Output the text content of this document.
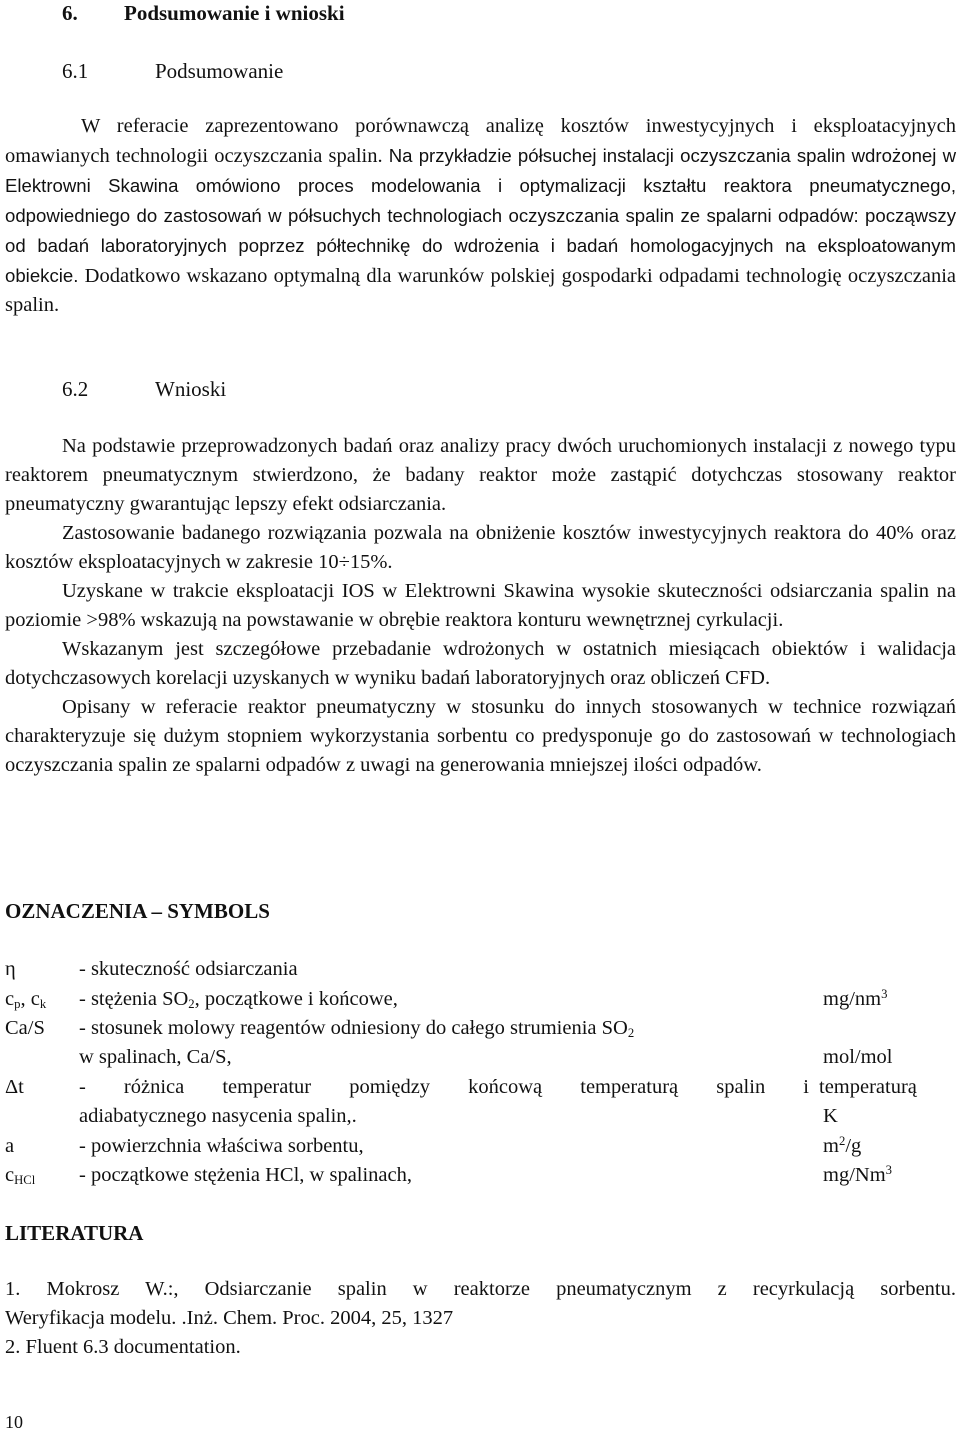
6. Podsumowanie i wnioski
6.1	Podsumowanie

W referacie zaprezentowano porównawczą analizę kosztów inwestycyjnych i eksploatacyjnych omawianych technologii oczyszczania spalin. Na przykładzie półsuchej instalacji oczyszczania spalin wdrożonej w Elektrowni Skawina omówiono proces modelowania i optymalizacji kształtu reaktora pneumatycznego, odpowiedniego do zastosowań w półsuchych technologiach oczyszczania spalin ze spalarni odpadów: począwszy od badań laboratoryjnych poprzez półtechnikę do wdrożenia i badań homologacyjnych na eksploatowanym obiekcie. Dodatkowo wskazano optymalną dla warunków polskiej gospodarki odpadami technologię oczyszczania spalin.

6.2	Wnioski

Na podstawie przeprowadzonych badań oraz analizy pracy dwóch uruchomionych instalacji z nowego typu reaktorem pneumatycznym stwierdzono, że badany reaktor może zastąpić dotychczas stosowany reaktor pneumatyczny gwarantując lepszy efekt odsiarczania.

Zastosowanie badanego rozwiązania pozwala na obniżenie kosztów inwestycyjnych reaktora do 40% oraz kosztów eksploatacyjnych w zakresie 10÷15%.

Uzyskane w trakcie eksploatacji IOS w Elektrowni Skawina wysokie skuteczności odsiarczania spalin na poziomie >98% wskazują na powstawanie w obrębie reaktora konturu wewnętrznej cyrkulacji.

Wskazanym jest szczegółowe przebadanie wdrożonych w ostatnich miesiącach obiektów i walidacja dotychczasowych korelacji uzyskanych w wyniku badań laboratoryjnych oraz obliczeń CFD.

Opisany w referacie reaktor pneumatyczny w stosunku do innych stosowanych w technice rozwiązań charakteryzuje się dużym stopniem wykorzystania sorbentu co predysponuje go do zastosowań w technologiach oczyszczania spalin ze spalarni odpadów z uwagi na generowania mniejszej ilości odpadów.

OZNACZENIA – SYMBOLS
η	- skuteczność odsiarczania
$c_p$, $c_k$ - stężenia $SO_2$, początkowe i końcowe,	$mg/nm^3$
Ca/S - stosunek molowy reagentów odniesiony do całego strumienia $SO_2$
w spalinach, Ca/S,	mol/mol
Δt	- różnica temperatur pomiędzy końcową temperaturą spalin i temperaturą
adiabatycznego nasycenia spalin,.	K
a	- powierzchnia właściwa sorbentu,	$m^2/g$
$c_{HCl}$ - początkowe stężenia HCl, w spalinach,	mg/Nm$^3$
LITERATURA
1. Mokrosz W.:, Odsiarczanie spalin w reaktorze pneumatycznym z recyrkulacją sorbentu.
Weryfikacja modelu. .Inż. Chem. Proc. 2004, 25, 1327
2. Fluent 6.3 documentation.
10
